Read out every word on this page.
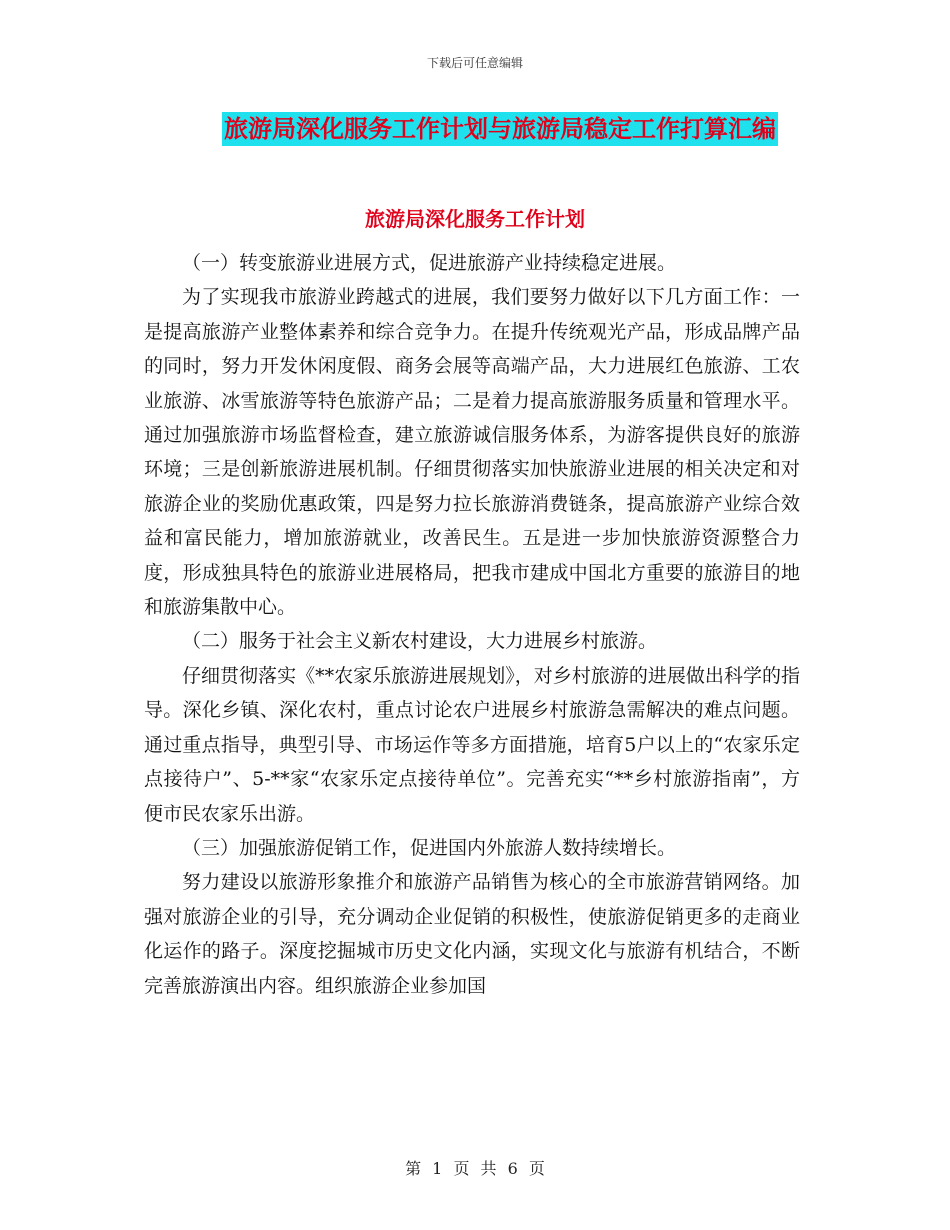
下载后可任意编辑
旅游局深化服务工作计划与旅游局稳定工作打算汇编
旅游局深化服务工作计划

（一）转变旅游业进展方式，促进旅游产业持续稳定进展。

为了实现我市旅游业跨越式的进展，我们要努力做好以下几方面工作：一是提高旅游产业整体素养和综合竞争力。在提升传统观光产品，形成品牌产品的同时，努力开发休闲度假、商务会展等高端产品，大力进展红色旅游、工农业旅游、冰雪旅游等特色旅游产品；二是着力提高旅游服务质量和管理水平。通过加强旅游市场监督检查，建立旅游诚信服务体系，为游客提供良好的旅游环境；三是创新旅游进展机制。仔细贯彻落实加快旅游业进展的相关决定和对旅游企业的奖励优惠政策，四是努力拉长旅游消费链条，提高旅游产业综合效益和富民能力，增加旅游就业，改善民生。五是进一步加快旅游资源整合力度，形成独具特色的旅游业进展格局，把我市建成中国北方重要的旅游目的地和旅游集散中心。

（二）服务于社会主义新农村建设，大力进展乡村旅游。

仔细贯彻落实《**农家乐旅游进展规划》，对乡村旅游的进展做出科学的指导。深化乡镇、深化农村，重点讨论农户进展乡村旅游急需解决的难点问题。通过重点指导，典型引导、市场运作等多方面措施，培育5户以上的“农家乐定点接待户”、5-**家“农家乐定点接待单位”。完善充实“**乡村旅游指南”，方便市民农家乐出游。

（三）加强旅游促销工作，促进国内外旅游人数持续增长。

努力建设以旅游形象推介和旅游产品销售为核心的全市旅游营销网络。加强对旅游企业的引导，充分调动企业促销的积极性，使旅游促销更多的走商业化运作的路子。深度挖掘城市历史文化内涵，实现文化与旅游有机结合，不断完善旅游演出内容。组织旅游企业参加国

第 1 页 共 6 页
